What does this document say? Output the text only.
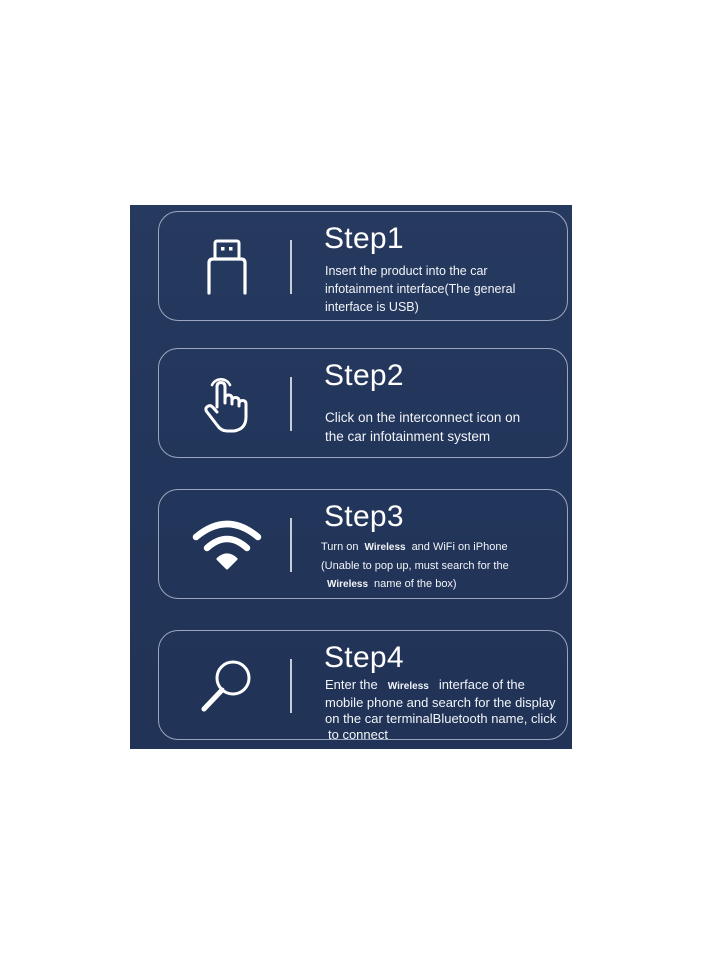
Step1
Insert the product into the car
infotainment interface(The general
interface is USB)
Step2
Click on the interconnect icon on
the car infotainment system
Step3
Turn on Wireless and WiFi on iPhone
(Unable to pop up, must search for the
Wireless name of the box)
Step4
Enter the Wireless interface of the
mobile phone and search for the display
on the car terminalBluetooth name, click
to connect
